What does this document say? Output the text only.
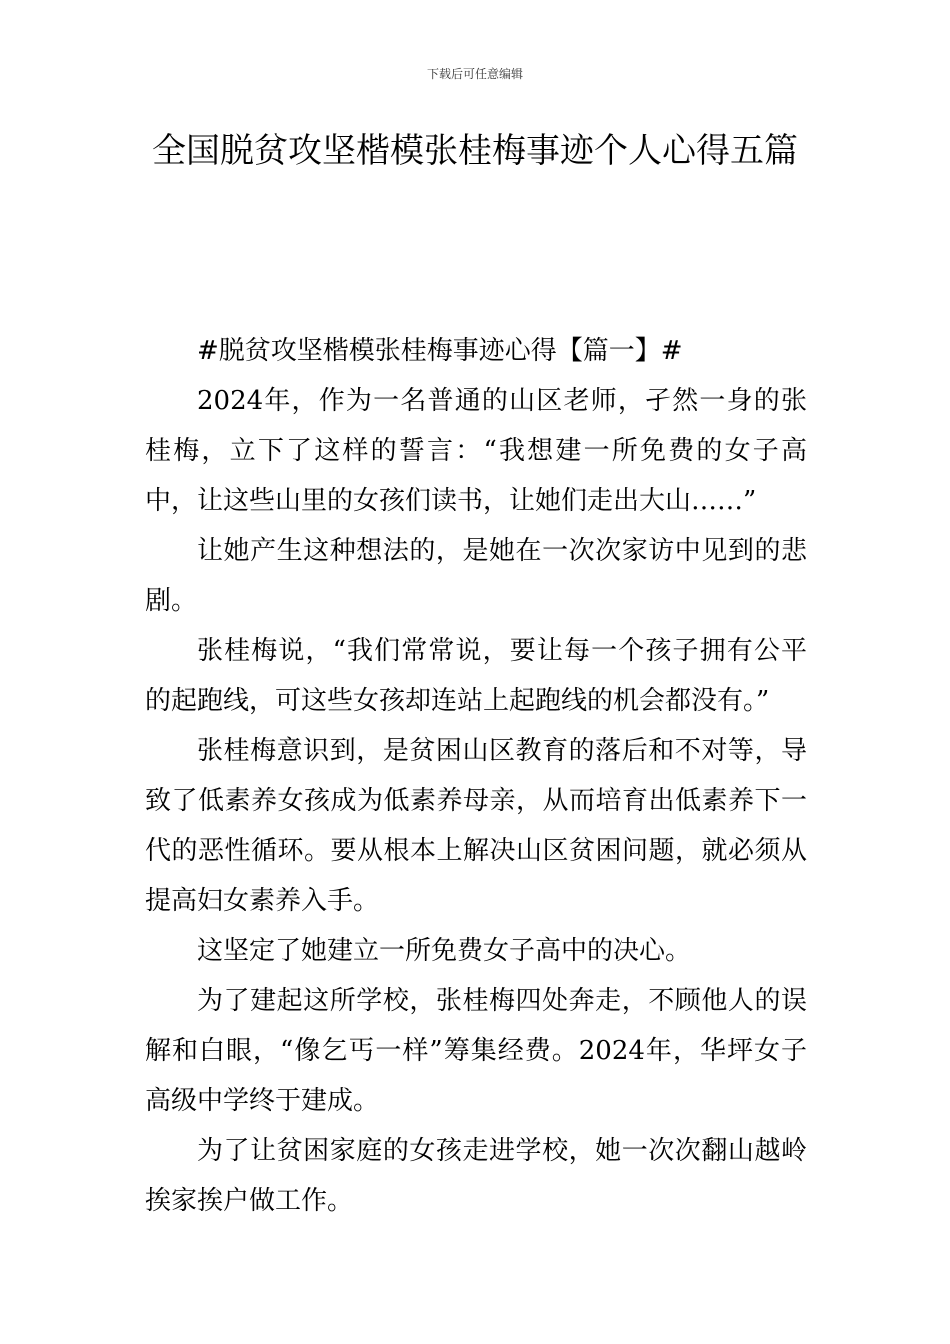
下载后可任意编辑
全国脱贫攻坚楷模张桂梅事迹个人心得五篇

#脱贫攻坚楷模张桂梅事迹心得【篇一】#

2024年，作为一名普通的山区老师，孑然一身的张桂梅，立下了这样的誓言：“我想建一所免费的女子高中，让这些山里的女孩们读书，让她们走出大山……”

让她产生这种想法的，是她在一次次家访中见到的悲剧。

张桂梅说，“我们常常说，要让每一个孩子拥有公平的起跑线，可这些女孩却连站上起跑线的机会都没有。”

张桂梅意识到，是贫困山区教育的落后和不对等，导致了低素养女孩成为低素养母亲，从而培育出低素养下一代的恶性循环。要从根本上解决山区贫困问题，就必须从提高妇女素养入手。

这坚定了她建立一所免费女子高中的决心。

为了建起这所学校，张桂梅四处奔走，不顾他人的误解和白眼，“像乞丐一样”筹集经费。2024年，华坪女子高级中学终于建成。

为了让贫困家庭的女孩走进学校，她一次次翻山越岭挨家挨户做工作。
